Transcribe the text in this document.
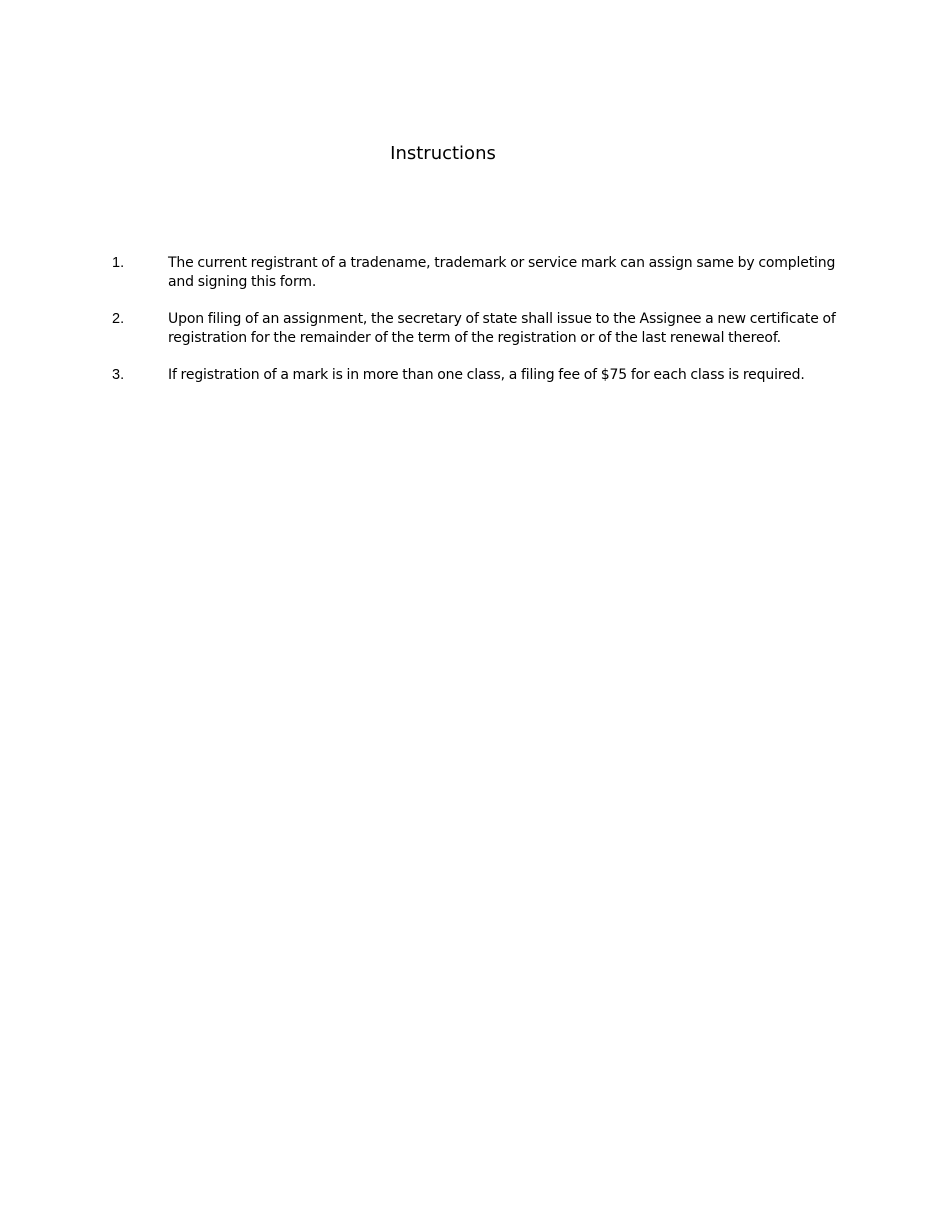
Instructions
1.	The current registrant of a tradename, trademark or service mark can assign same by completing and signing this form.
2.	Upon filing of an assignment, the secretary of state shall issue to the Assignee a new certificate of registration for the remainder of the term of the registration or of the last renewal thereof.
3.	If registration of a mark is in more than one class, a filing fee of $75 for each class is required.
